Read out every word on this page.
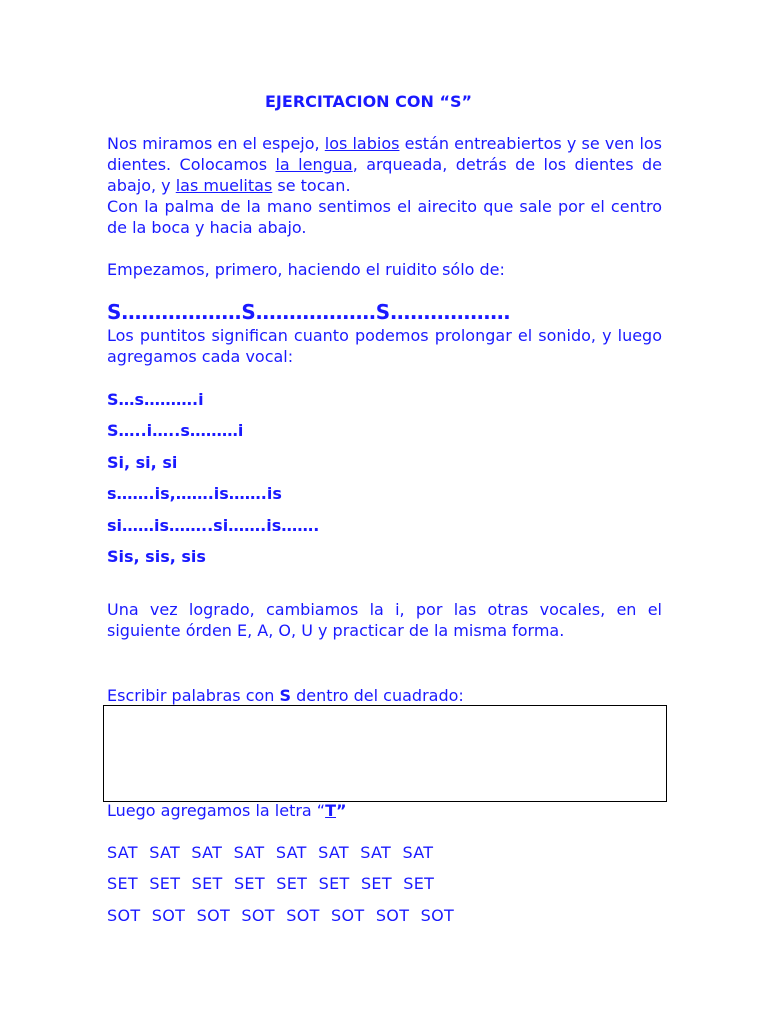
EJERCITACION CON “S”

Nos miramos en el espejo, los labios están entreabiertos y se ven los dientes. Colocamos la lengua, arqueada, detrás de los dientes de abajo, y las muelitas se tocan.

Con la palma de la mano sentimos el airecito que sale por el centro de la boca y hacia abajo.

Empezamos, primero, haciendo el ruidito sólo de:

S………………S………………S………………

Los puntitos significan cuanto podemos prolongar el sonido, y luego agregamos cada vocal:

S…s……….i

S…..i…..s………i

Si, si, si

s…….is,…….is…….is

si……is……..si…….is…….

Sis, sis, sis

Una vez logrado, cambiamos la i, por las otras vocales, en el siguiente órden E, A, O, U y practicar de la misma forma.

Escribir palabras con S dentro del cuadrado:

Luego agregamos la letra “T”

SAT SAT SAT SAT SAT SAT SAT SAT

SET SET SET SET SET SET SET SET

SOT SOT SOT SOT SOT SOT SOT SOT
